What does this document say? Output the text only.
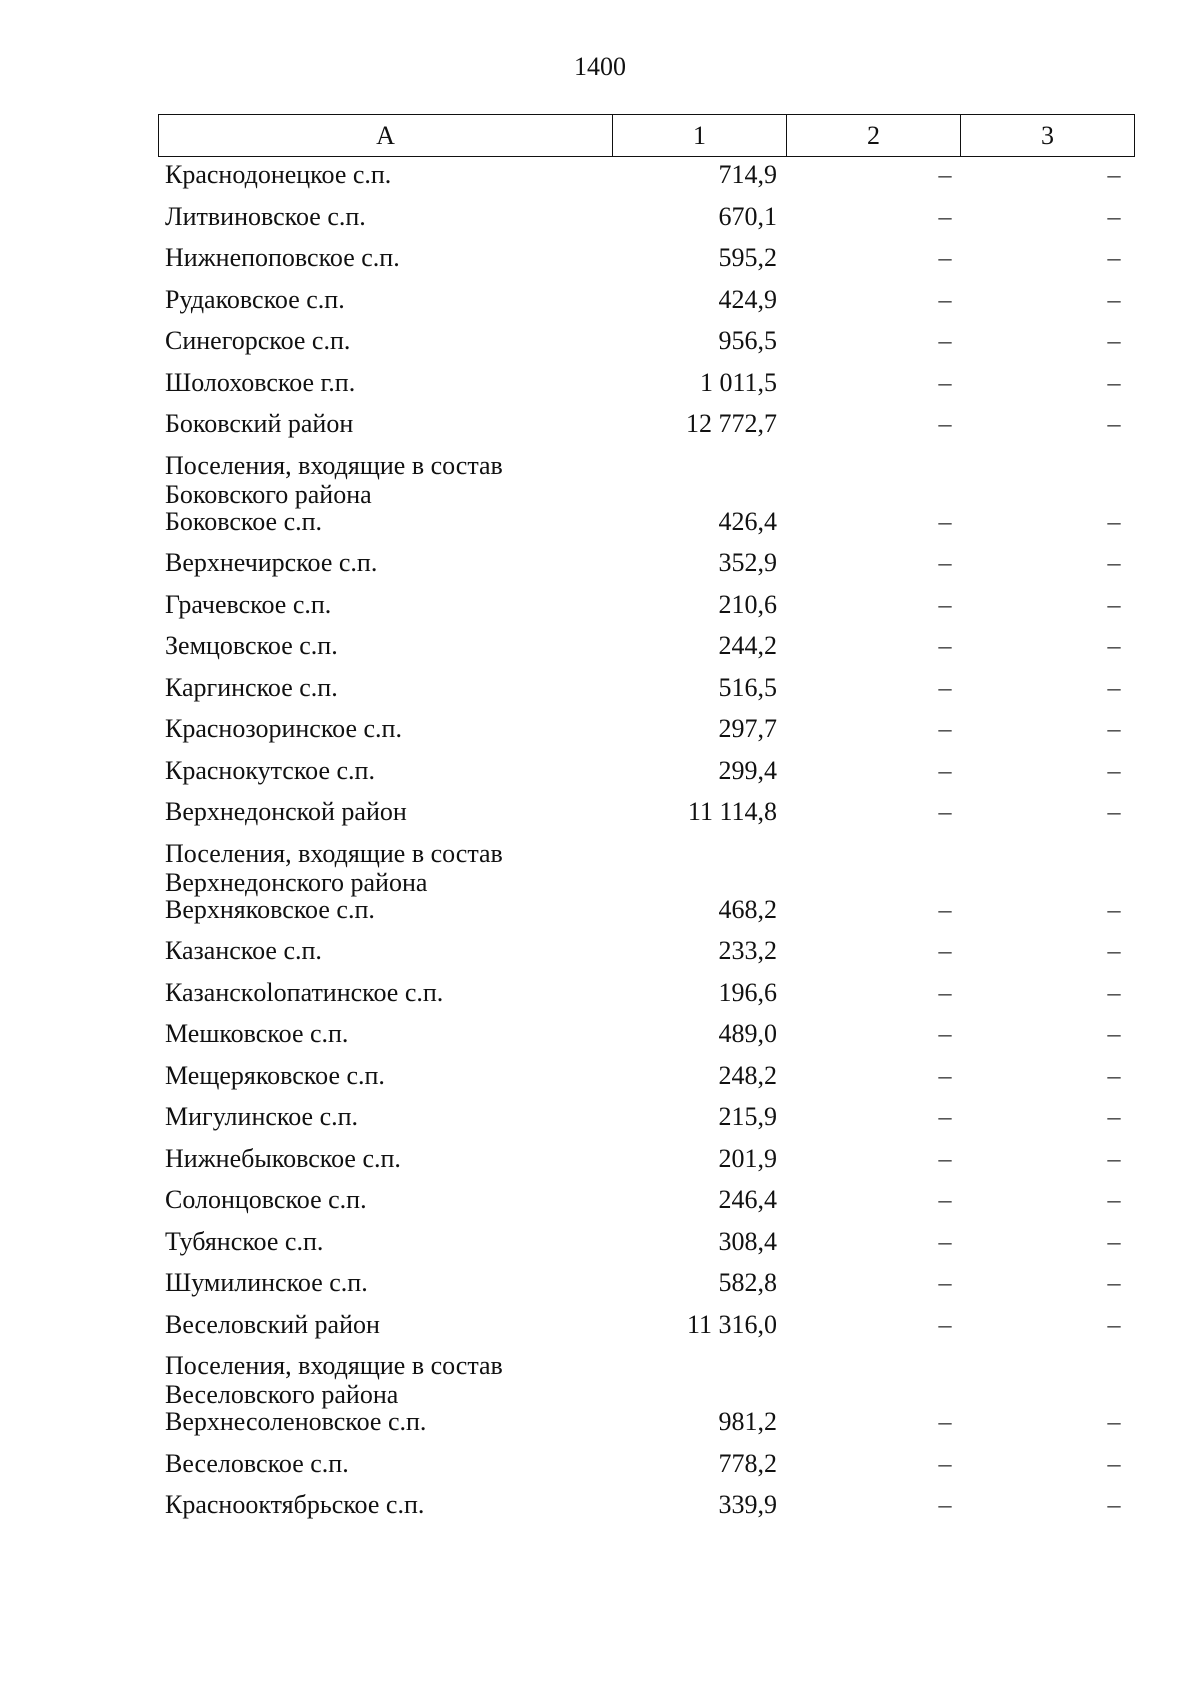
1400
А	1	2	3
Краснодонецкое с.п.	714,9	–	–
Литвиновское с.п.	670,1	–	–
Нижнепоповское с.п.	595,2	–	–
Рудаковское с.п.	424,9	–	–
Синегорское с.п.	956,5	–	–
Шолоховское г.п.	1 011,5	–	–
Боковский район	12 772,7	–	–
Поселения, входящие в состав Боковского района
Боковское с.п.	426,4	–	–
Верхнечирское с.п.	352,9	–	–
Грачевское с.п.	210,6	–	–
Земцовское с.п.	244,2	–	–
Каргинское с.п.	516,5	–	–
Краснозоринское с.п.	297,7	–	–
Краснокутское с.п.	299,4	–	–
Верхнедонской район	11 114,8	–	–
Поселения, входящие в состав Верхнедонского района
Верхняковское с.п.	468,2	–	–
Казанское с.п.	233,2	–	–
Казанскolопатинское с.п.	196,6	–	–
Мешковское с.п.	489,0	–	–
Мещеряковское с.п.	248,2	–	–
Мигулинское с.п.	215,9	–	–
Нижнебыковское с.п.	201,9	–	–
Солонцовское с.п.	246,4	–	–
Тубянское с.п.	308,4	–	–
Шумилинское с.п.	582,8	–	–
Веселовский район	11 316,0	–	–
Поселения, входящие в состав Веселовского района
Верхнесоленовское с.п.	981,2	–	–
Веселовское с.п.	778,2	–	–
Краснооктябрьское с.п.	339,9	–	–
